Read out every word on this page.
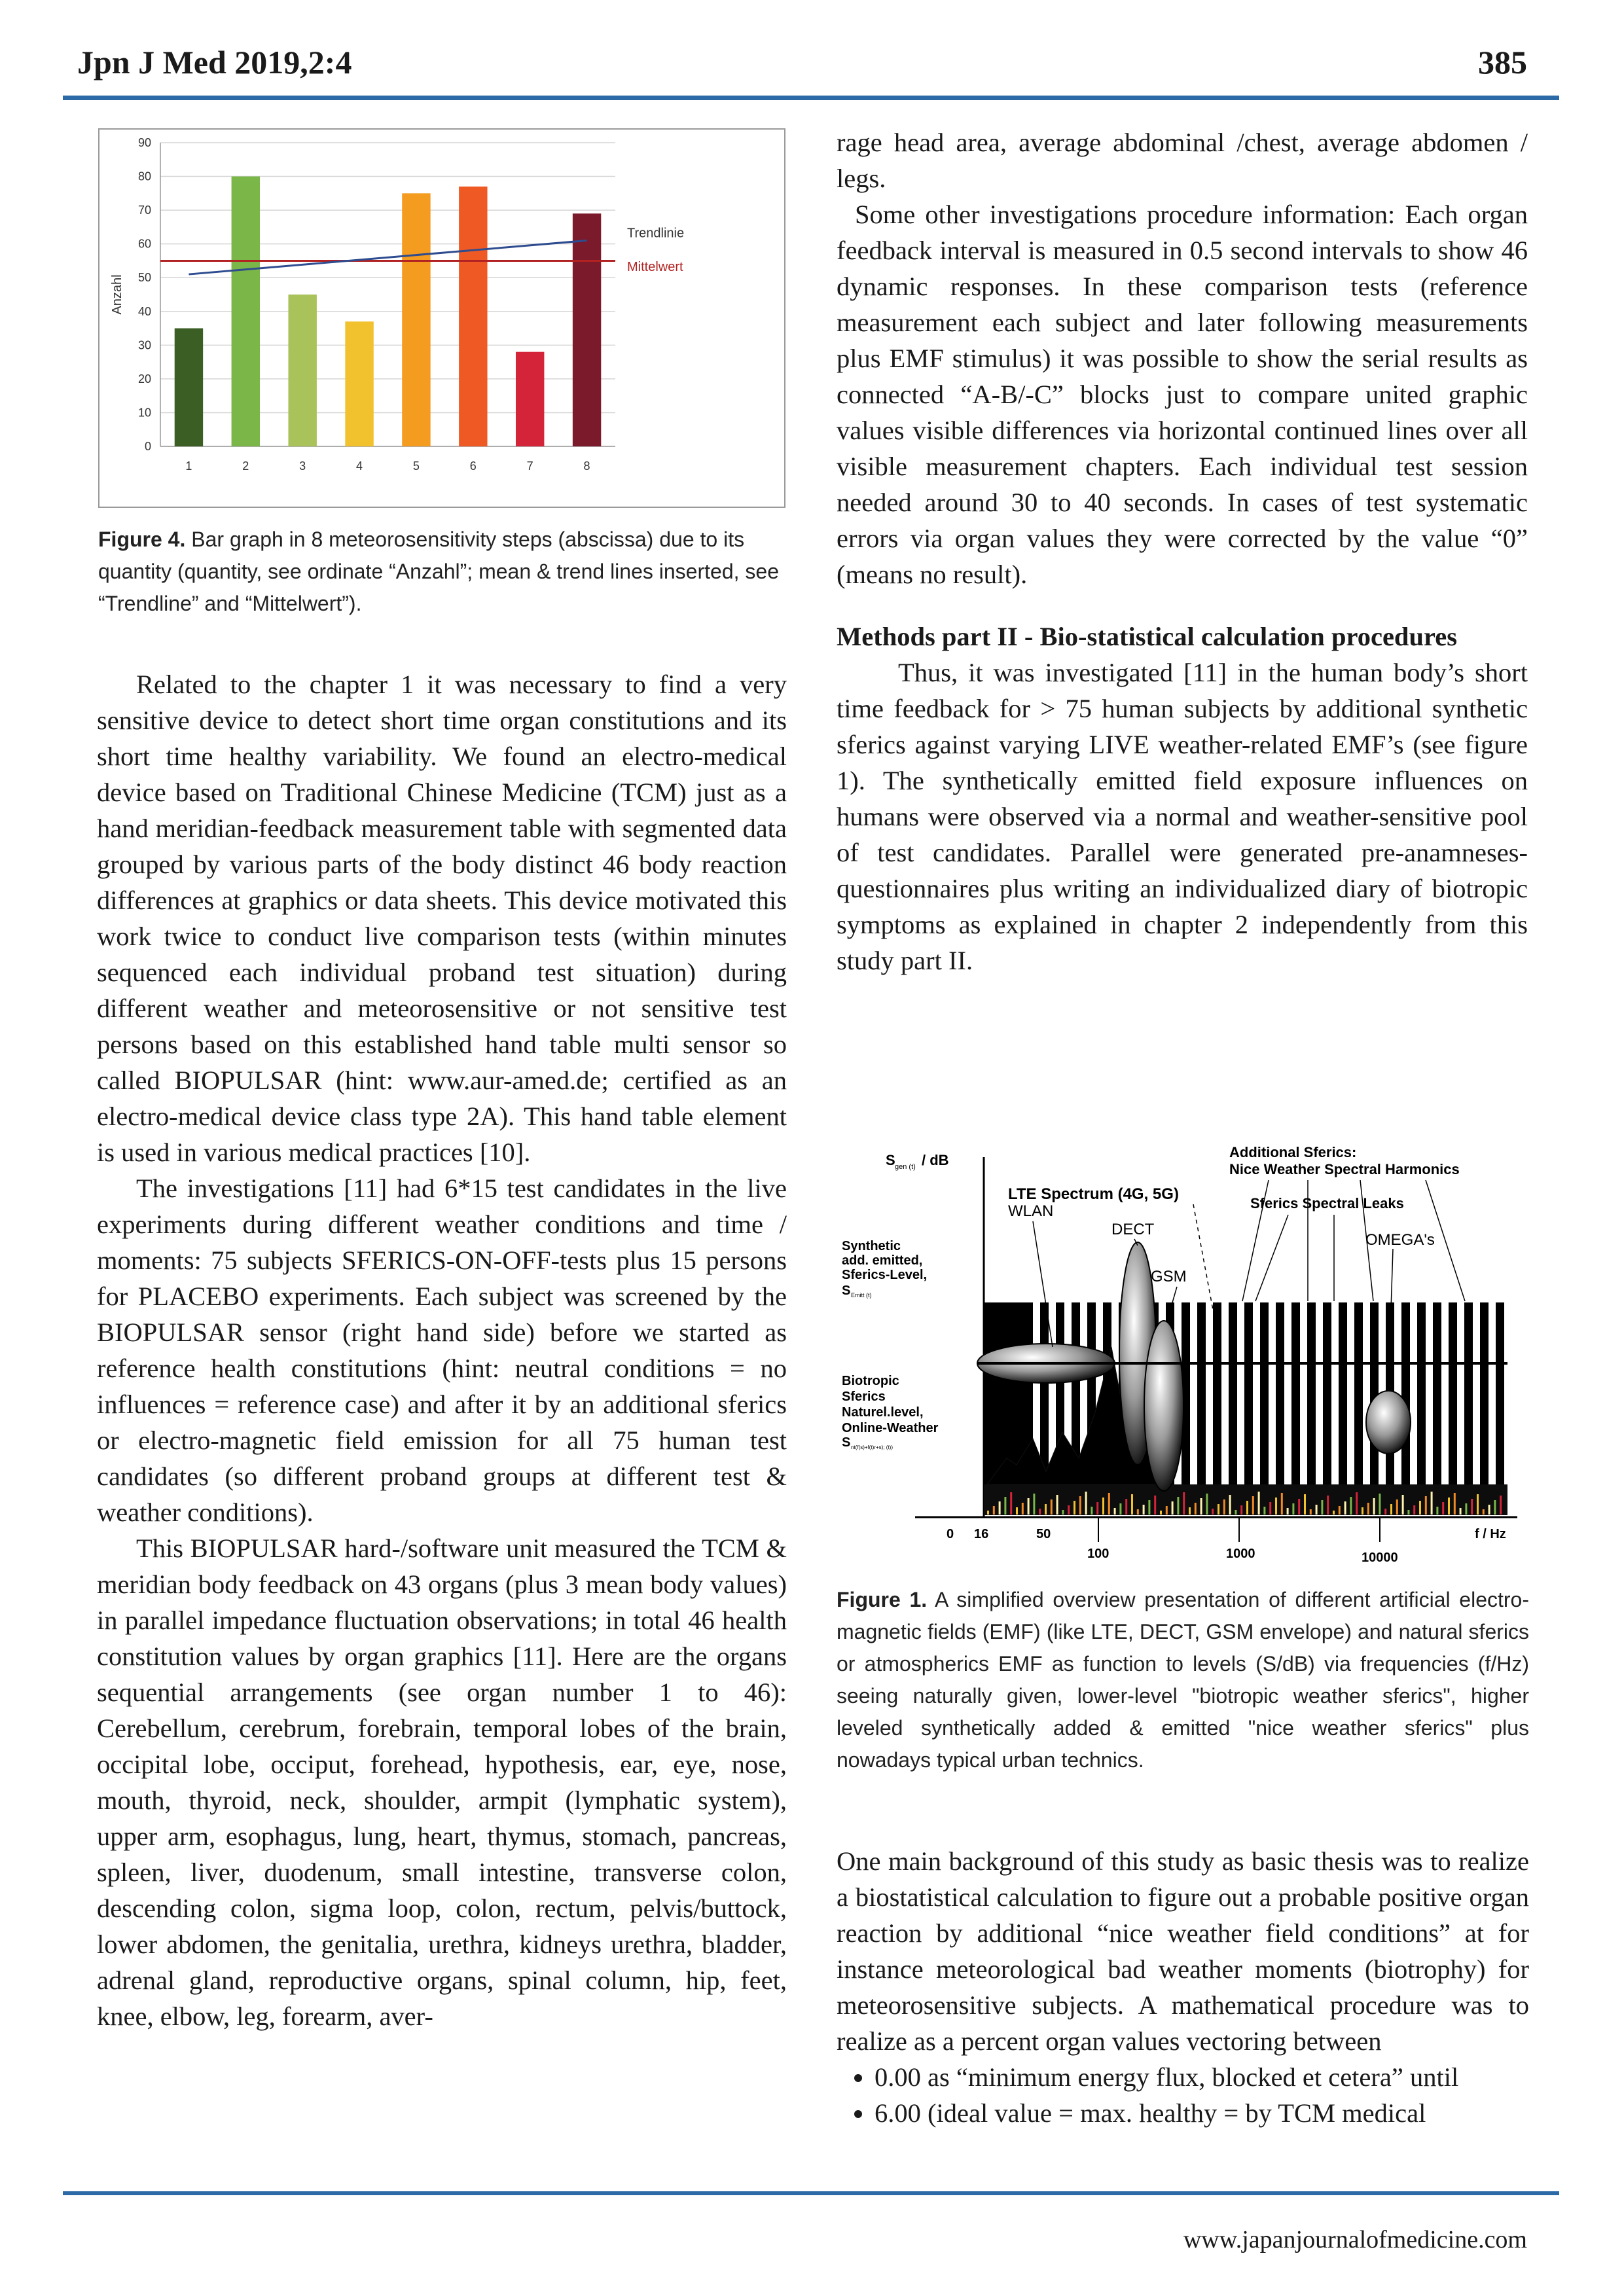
Jpn J Med 2019,2:4	385
0
10
20
30
40
50
60
70
80
90
Anzahl
1	2	3	4	5	6	7	8
Trendlinie
Mittelwert
Figure 4. Bar graph in 8 meteorosensitivity steps (abscissa) due to its quantity (quantity, see ordinate “Anzahl”; mean & trend lines inserted, see “Trendline” and “Mittelwert”).

Related to the chapter 1 it was necessary to find a very sensitive device to detect short time organ constitutions and its short time healthy variability. We found an electro-medical device based on Traditional Chinese Medicine (TCM) just as a hand meridian-feedback measurement table with segmented data grouped by various parts of the body distinct 46 body reaction differences at graphics or data sheets. This device motivated this work twice to conduct live comparison tests (within minutes sequenced each individual proband test situation) during different weather and meteorosensitive or not sensitive test persons based on this established hand table multi sensor so called BIOPULSAR (hint: www.aur-amed.de; certified as an electro-medical device class type 2A). This hand table element is used in various medical practices [10].

The investigations [11] had 6*15 test candidates in the live experiments during different weather conditions and time / moments: 75 subjects SFERICS-ON-OFF-tests plus 15 persons for PLACEBO experiments. Each subject was screened by the BIOPULSAR sensor (right hand side) before we started as reference health constitutions (hint: neutral conditions = no influences = reference case) and after it by an additional sferics or electro-magnetic field emission for all 75 human test candidates (so different proband groups at different test & weather conditions).

This BIOPULSAR hard-/software unit measured the TCM & meridian body feedback on 43 organs (plus 3 mean body values) in parallel impedance fluctuation observations; in total 46 health constitution values by organ graphics [11]. Here are the organs sequential arrangements (see organ number 1 to 46): Cerebellum, cerebrum, forebrain, temporal lobes of the brain, occipital lobe, occiput, forehead, hypothesis, ear, eye, nose, mouth, thyroid, neck, shoulder, armpit (lymphatic system), upper arm, esophagus, lung, heart, thymus, stomach, pancreas, spleen, liver, duodenum, small intestine, transverse colon, descending colon, sigma loop, colon, rectum, pelvis/buttock, lower abdomen, the genitalia, urethra, kidneys urethra, bladder, adrenal gland, reproductive organs, spinal column, hip, feet, knee, elbow, leg, forearm, aver-

rage head area, average abdominal /chest, average abdomen / legs.

Some other investigations procedure information: Each organ feedback interval is measured in 0.5 second intervals to show 46 dynamic responses. In these comparison tests (reference measurement each subject and later following measurements plus EMF stimulus) it was possible to show the serial results as connected “A-B/-C” blocks just to compare united graphic values visible differences via horizontal continued lines over all visible measurement chapters. Each individual test session needed around 30 to 40 seconds. In cases of test systematic errors via organ values they were corrected by the value “0” (means no result).

Methods part II - Bio-statistical calculation procedures

Thus, it was investigated [11] in the human body’s short time feedback for > 75 human subjects by additional synthetic sferics against varying LIVE weather-related EMF’s (see figure 1). The synthetically emitted field exposure influences on humans were observed via a normal and weather-sensitive pool of test candidates. Parallel were generated pre-anamneses-questionnaires plus writing an individualized diary of biotropic symptoms as explained in chapter 2 independently from this study part II.

S gen (t) / dB
Synthetic
add. emitted,
Sferics-Level,
S Emitt (t)
Biotropic
Sferics
Naturel.level,
Online-Weather
S nt(f(s)+f(t)r+s); (t))
LTE Spectrum (4G, 5G)
WLAN
DECT
GSM
Additional Sferics:
Nice Weather Spectral Harmonics
Sferics Spectral Leaks
OMEGA's
0 16	50
100	1000	10000
f / Hz
Figure 1. A simplified overview presentation of different artificial electro-magnetic fields (EMF) (like LTE, DECT, GSM envelope) and natural sferics or atmospherics EMF as function to levels (S/dB) via frequencies (f/Hz) seeing naturally given, lower-level "biotropic weather sferics", higher leveled synthetically added & emitted "nice weather sferics" plus nowadays typical urban technics.

One main background of this study as basic thesis was to realize a biostatistical calculation to figure out a probable positive organ reaction by additional “nice weather field conditions” at for instance meteorological bad weather moments (biotrophy) for meteorosensitive subjects. A mathematical procedure was to realize as a percent organ values vectoring between

• 0.00 as “minimum energy flux, blocked et cetera” until
• 6.00 (ideal value = max. healthy = by TCM medical
www.japanjournalofmedicine.com
